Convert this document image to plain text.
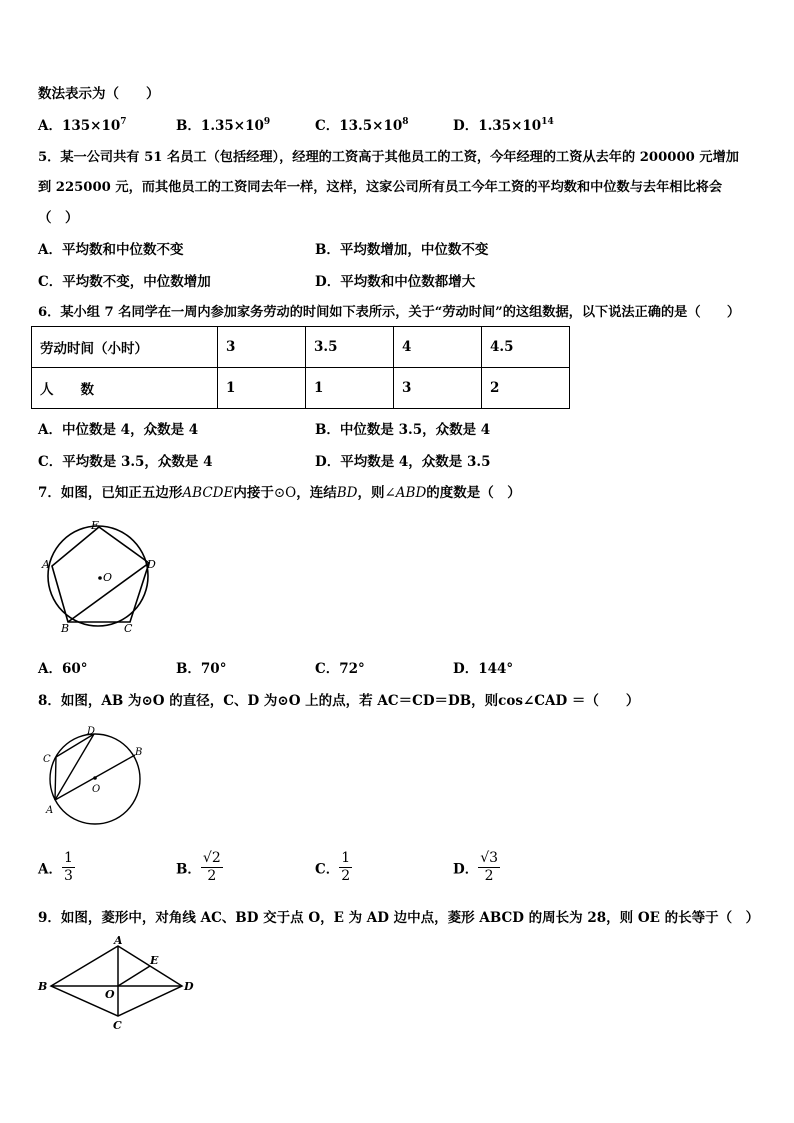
数法表示为（　　）
A．$135\times 10^7$	B．$1.35\times 10^9$	C．$13.5\times 10^8$	D．$1.35\times 10^{14}$
5．某一公司共有 51 名员工（包括经理），经理的工资高于其他员工的工资，今年经理的工资从去年的 200000 元增加
到 225000 元，而其他员工的工资同去年一样，这样，这家公司所有员工今年工资的平均数和中位数与去年相比将会
（　）
A．平均数和中位数不变	B．平均数增加，中位数不变
C．平均数不变，中位数增加	D．平均数和中位数都增大
6．某小组 7 名同学在一周内参加家务劳动的时间如下表所示，关于“劳动时间”的这组数据，以下说法正确的是（　　）
劳动时间（小时）	3	3.5	4	4.5
人　　数	1	1	3	2
A．中位数是 4，众数是 4	B．中位数是 3.5，众数是 4
C．平均数是 3.5，众数是 4	D．平均数是 4，众数是 3.5
7．如图，已知正五边形ABCDE内接于⊙O，连结BD，则∠ABD的度数是（　）
E
A	D
O
B	C
A．60°	B．70°	C．72°	D．144°
8．如图，AB 为⊙O 的直径，C、D 为⊙O 上的点，若 AC＝CD＝DB，则cos∠CAD ＝（　　）
D
B
C
O
A
A． $\frac{1}{3}$	B． $\frac{√2}{2}$	C． $\frac{1}{2}$	D． $\frac{√3}{2}$
9．如图，菱形中，对角线 AC、BD 交于点 O，E 为 AD 边中点，菱形 ABCD 的周长为 28，则 OE 的长等于（　）
A
E
B	D
O
C
